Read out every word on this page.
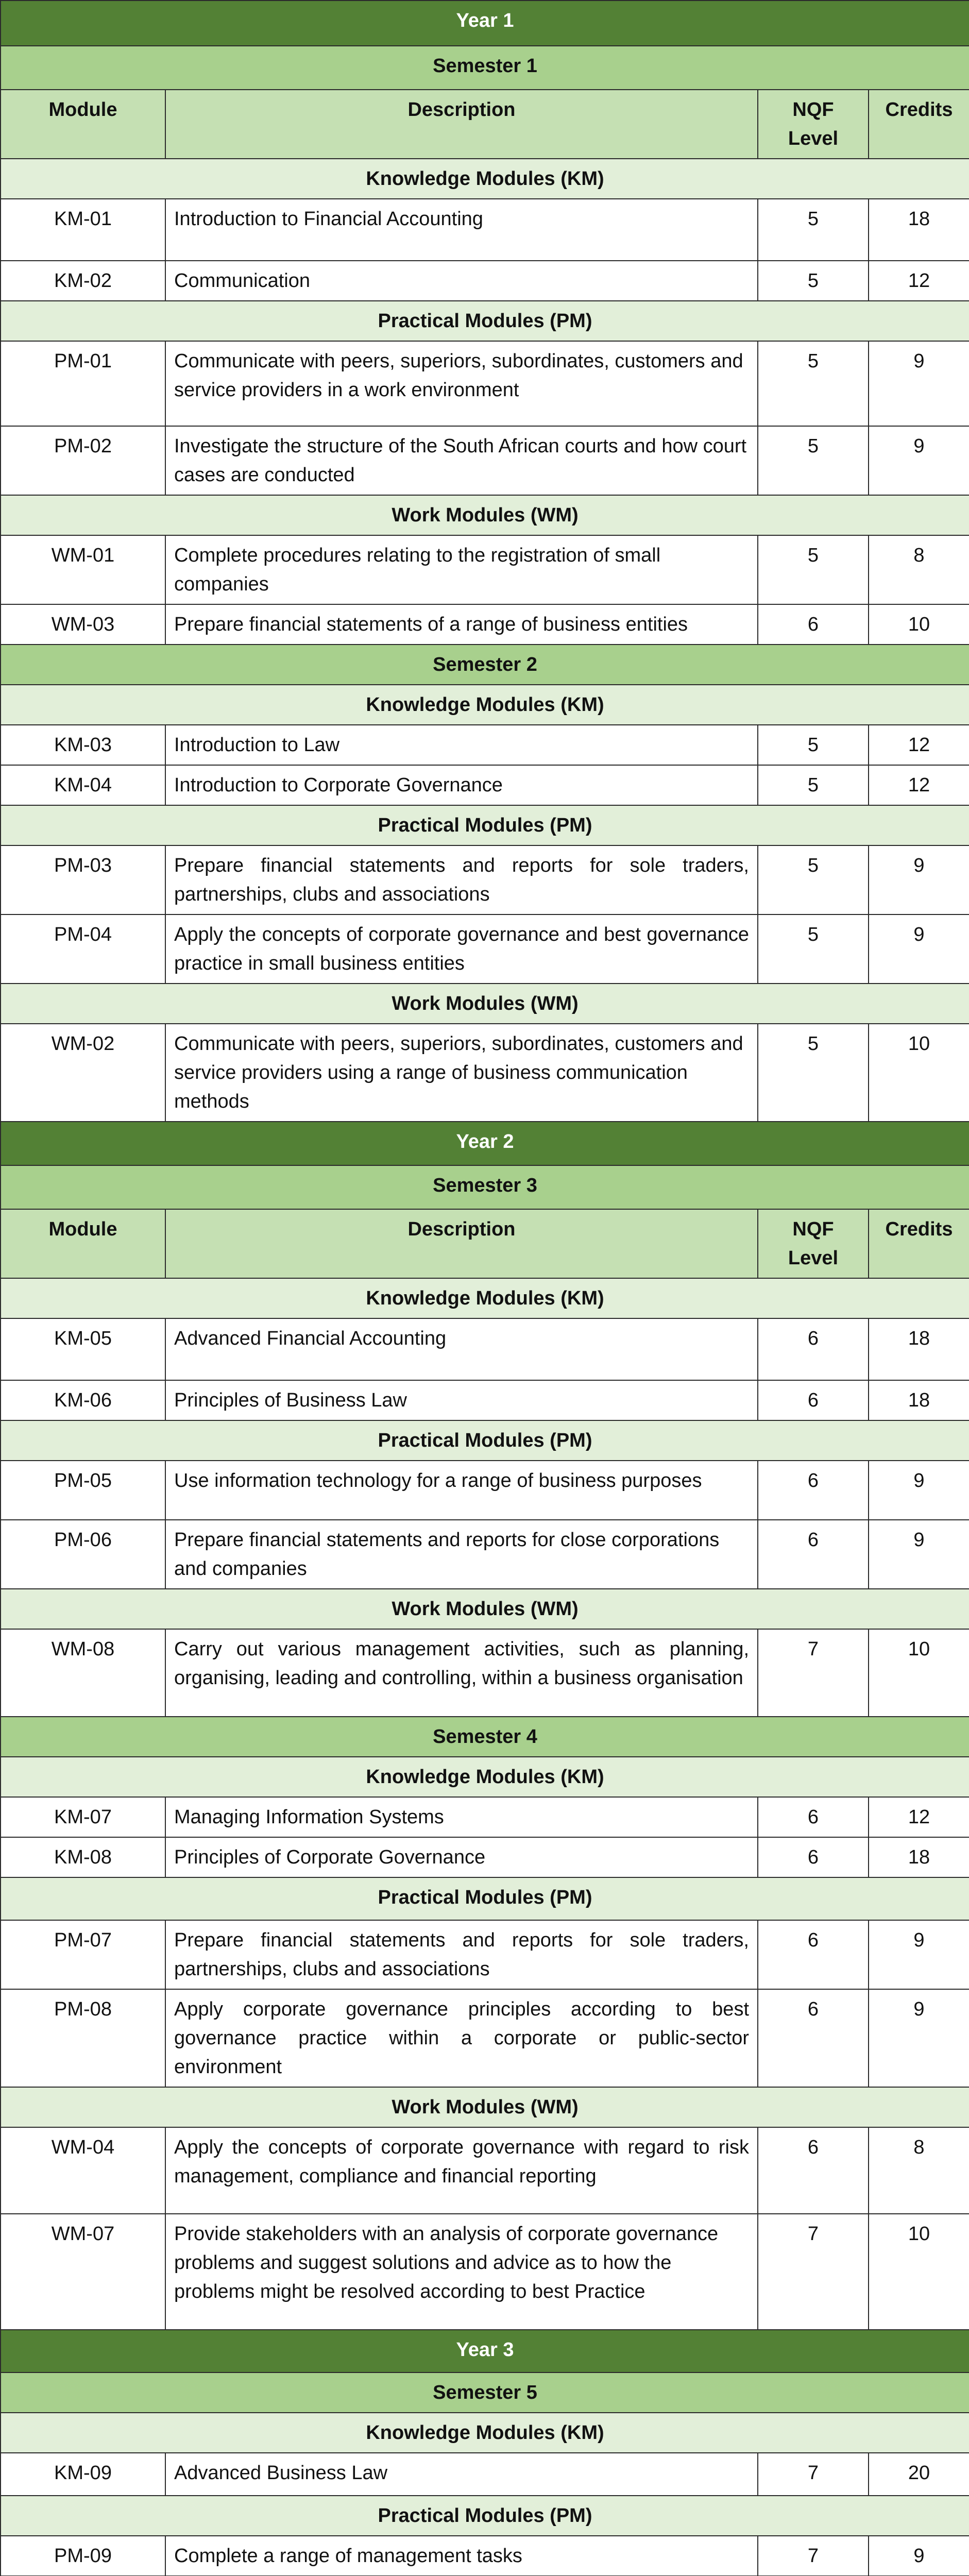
Year 1			
Semester 1			
Module	Description	NQF Level	Credits
Knowledge Modules (KM)			
KM-01	Introduction to Financial Accounting	5	18
KM-02	Communication	5	12
Practical Modules (PM)			
PM-01	Communicate with peers, superiors, subordinates, customers and service providers in a work environment	5	9
PM-02	Investigate the structure of the South African courts and how court cases are conducted	5	9
Work Modules (WM)			
WM-01	Complete procedures relating to the registration of small companies	5	8
WM-03	Prepare financial statements of a range of business entities	6	10
Semester 2			
Knowledge Modules (KM)			
KM-03	Introduction to Law	5	12
KM-04	Introduction to Corporate Governance	5	12
Practical Modules (PM)			
PM-03	Prepare financial statements and reports for sole traders, partnerships, clubs and associations	5	9
PM-04	Apply the concepts of corporate governance and best governance practice in small business entities	5	9
Work Modules (WM)			
WM-02	Communicate with peers, superiors, subordinates, customers and service providers using a range of business communication methods	5	10
Year 2			
Semester 3			
Module	Description	NQF Level	Credits
Knowledge Modules (KM)			
KM-05	Advanced Financial Accounting	6	18
KM-06	Principles of Business Law	6	18
Practical Modules (PM)			
PM-05	Use information technology for a range of business purposes	6	9
PM-06	Prepare financial statements and reports for close corporations and companies	6	9
Work Modules (WM)			
WM-08	Carry out various management activities, such as planning, organising, leading and controlling, within a business organisation	7	10
Semester 4			
Knowledge Modules (KM)			
KM-07	Managing Information Systems	6	12
KM-08	Principles of Corporate Governance	6	18
Practical Modules (PM)			
PM-07	Prepare financial statements and reports for sole traders, partnerships, clubs and associations	6	9
PM-08	Apply corporate governance principles according to best governance practice within a corporate or public-sector environment	6	9
Work Modules (WM)			
WM-04	Apply the concepts of corporate governance with regard to risk management, compliance and financial reporting	6	8
WM-07	Provide stakeholders with an analysis of corporate governance problems and suggest solutions and advice as to how the problems might be resolved according to best Practice	7	10
Year 3			
Semester 5			
Knowledge Modules (KM)			
KM-09	Advanced Business Law	7	20
Practical Modules (PM)			
PM-09	Complete a range of management tasks	7	9
